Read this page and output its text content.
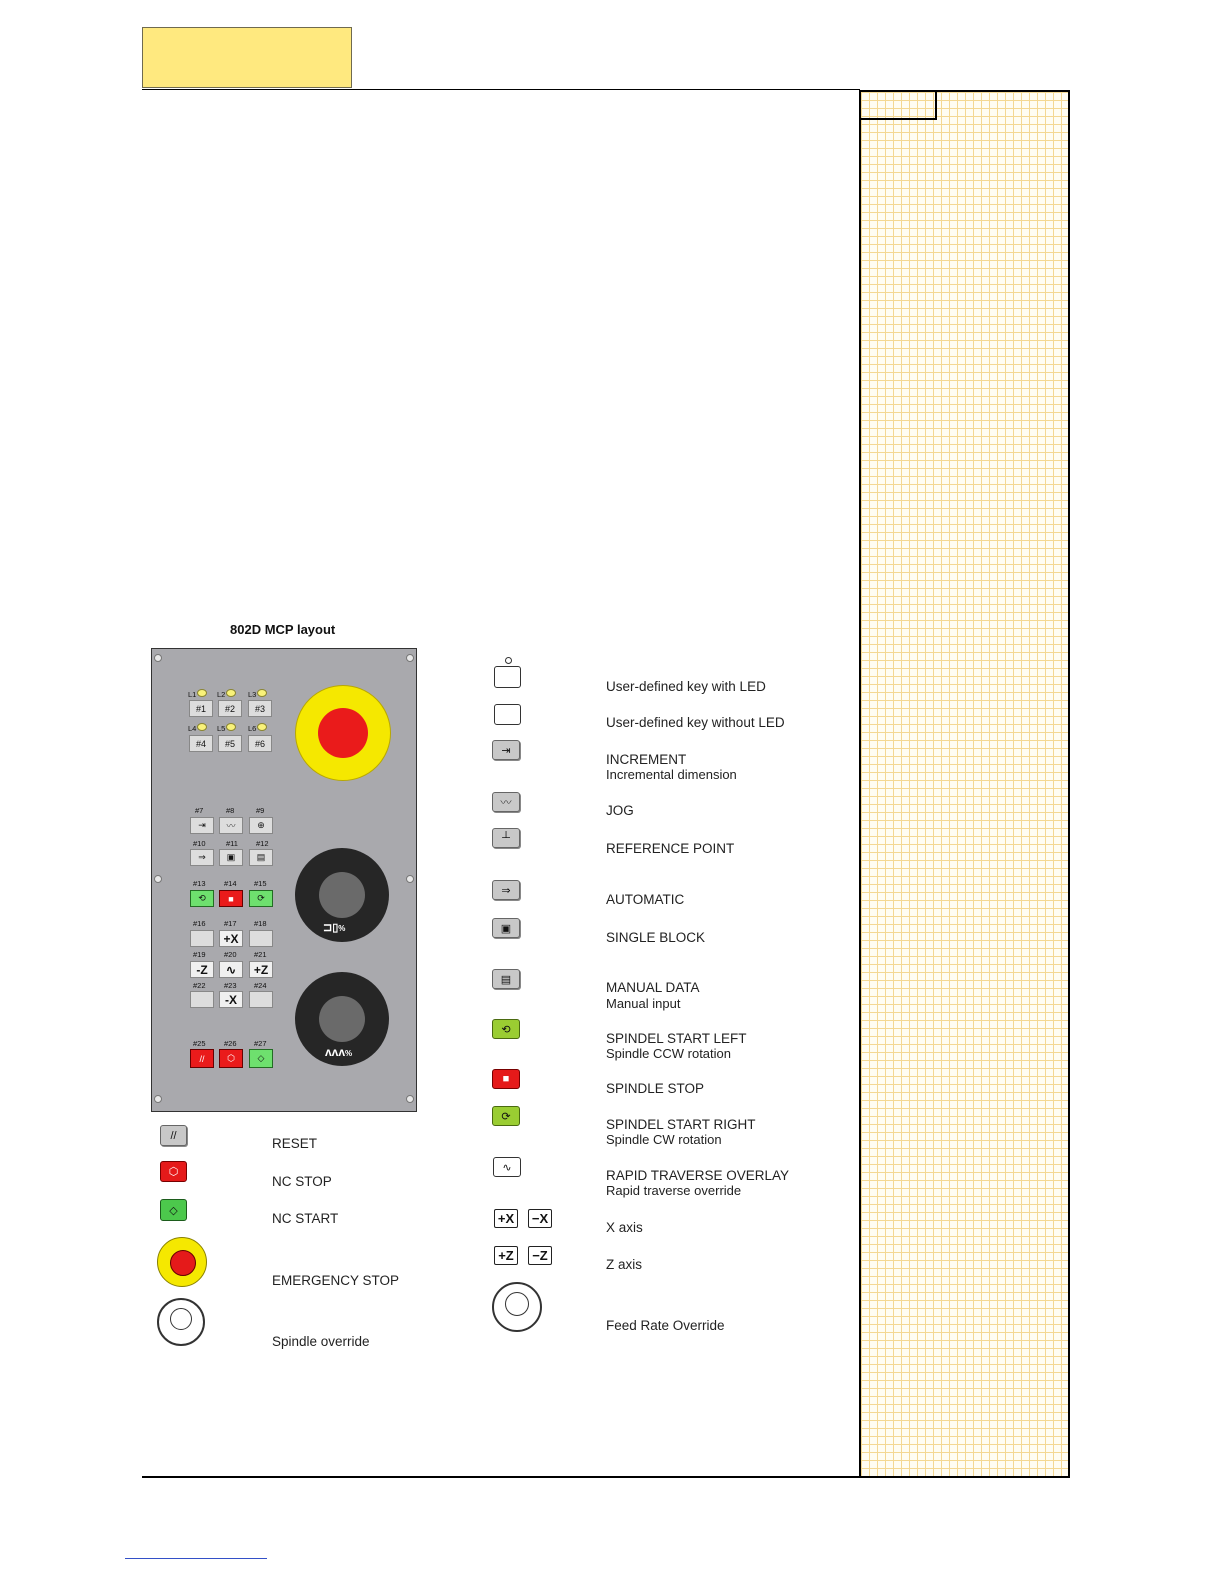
802D MCP layout
L1	L2	L3
#1	#2	#3
L4	L5	L6
#4	#5	#6
#7	#8	#9
⇥ 〰 ⊕
#10	#11 #12
⇒ ▣ ▤
#13 #14 #15
⟲	■	⟳
#16 #17 #18
+X
#19 #20 #21
-Z	∿	+Z
#22 #23 #24
-X
#25 #26 #27
//	⬡	◇
⊐▯%
ʌʌʌ%
//
RESET
⬡
NC STOP
◇
NC START
EMERGENCY STOP
Spindle override
User-defined key with LED
User-defined key without LED
⇥
INCREMENT
Incremental dimension
〰	JOG
┴
REFERENCE POINT
⇒
AUTOMATIC
▣
SINGLE BLOCK
▤
MANUAL DATA
Manual input
⟲
SPINDEL START LEFT
Spindle CCW rotation
■
SPINDLE STOP
⟳
SPINDEL START RIGHT
Spindle CW rotation
∿
RAPID TRAVERSE OVERLAY
Rapid traverse override
+X −X
X axis
+Z	−Z
Z axis
Feed Rate Override
